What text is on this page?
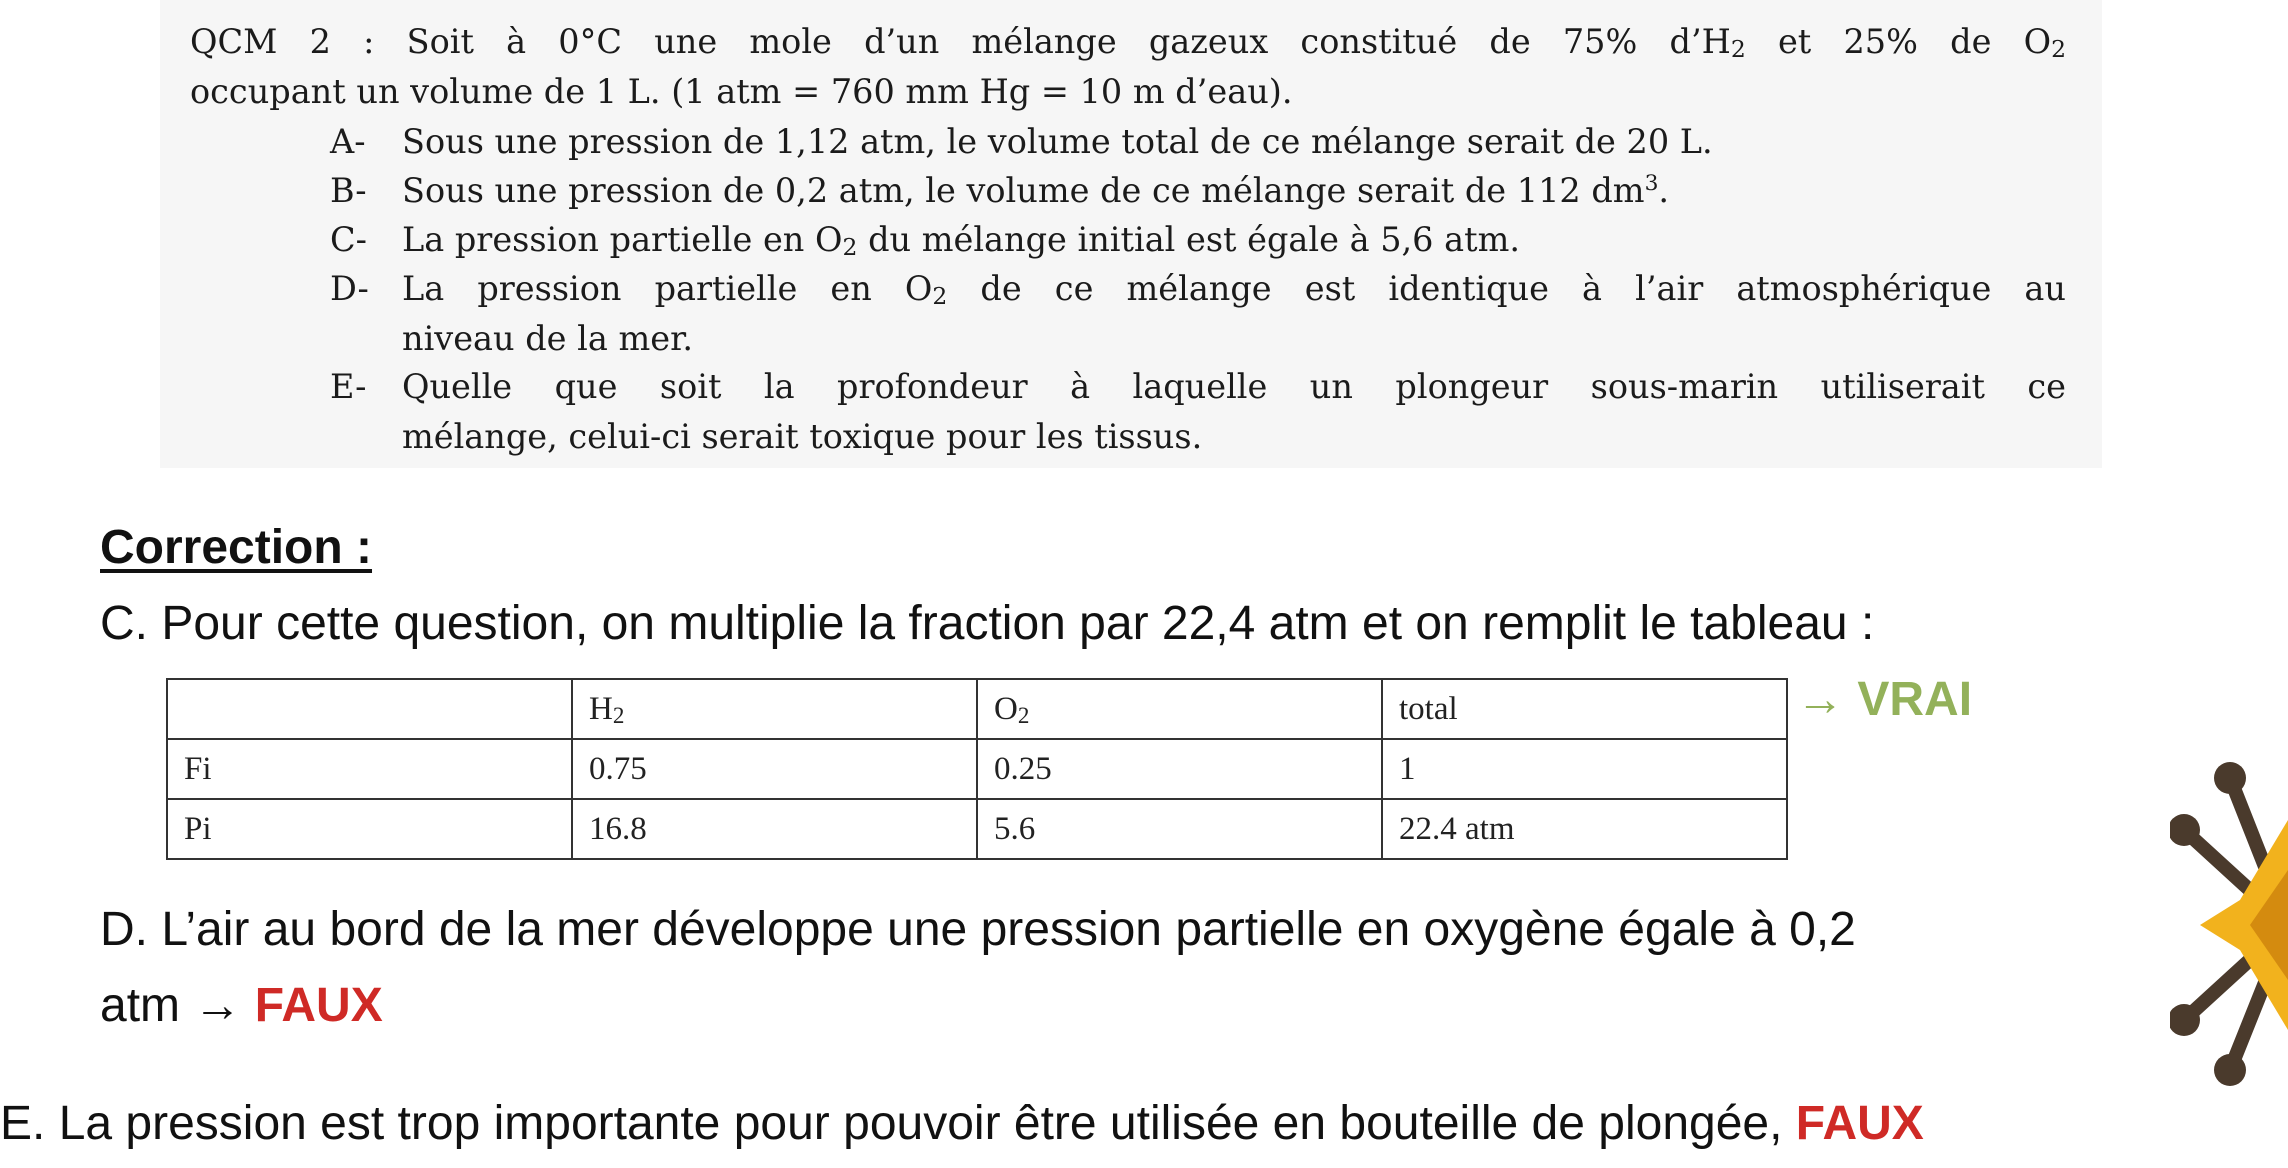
QCM 2 : Soit à 0°C une mole d’un mélange gazeux constitué de 75% $d’H_2$ et 25% de $O_2$
occupant un volume de 1 L. (1 atm = 760 mm Hg = 10 m d’eau).
A- Sous une pression de 1,12 atm, le volume total de ce mélange serait de 20 L.
B- Sous une pression de 0,2 atm, le volume de ce mélange serait de 112 $dm^3$.
C- La pression partielle en $O_2$ du mélange initial est égale à 5,6 atm.
D- La pression partielle en $O_2$ de ce mélange est identique à l’air atmosphérique au
niveau de la mer.
E- Quelle que soit la profondeur à laquelle un plongeur sous-marin utiliserait ce
mélange, celui-ci serait toxique pour les tissus.
Correction :
C. Pour cette question, on multiplie la fraction par 22,4 atm et on remplit le tableau :
	$H_2$	$O_2$	total
Fi	0.75	0.25	1
Pi	16.8	5.6	22.4 atm
→ VRAI
D. L’air au bord de la mer développe une pression partielle en oxygène égale à 0,2
atm → FAUX
E. La pression est trop importante pour pouvoir être utilisée en bouteille de plongée, FAUX
